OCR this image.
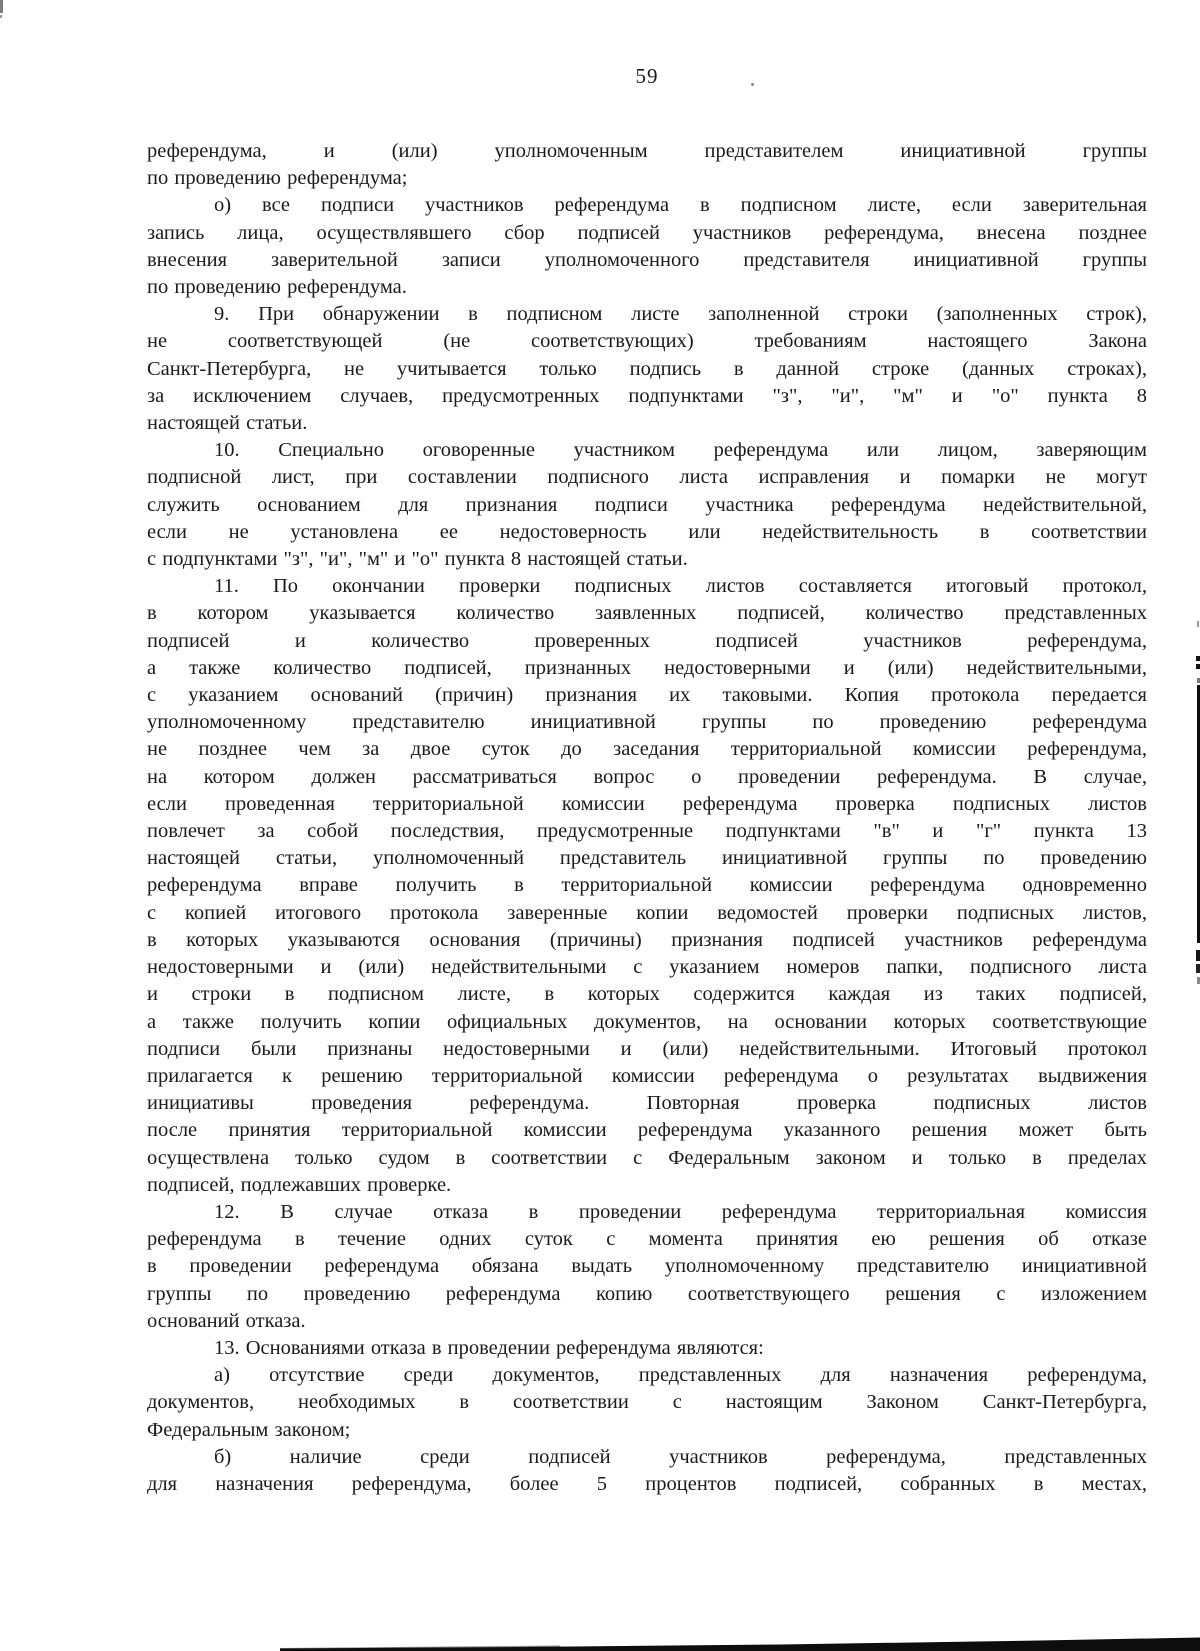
59
референдума, и (или) уполномоченным представителем инициативной группы
по проведению референдума;
о) все подписи участников референдума в подписном листе, если заверительная
запись лица, осуществлявшего сбор подписей участников референдума, внесена позднее
внесения заверительной записи уполномоченного представителя инициативной группы
по проведению референдума.
9. При обнаружении в подписном листе заполненной строки (заполненных строк),
не соответствующей (не соответствующих) требованиям настоящего Закона
Санкт-Петербурга, не учитывается только подпись в данной строке (данных строках),
за исключением случаев, предусмотренных подпунктами "з", "и", "м" и "о" пункта 8
настоящей статьи.
10. Специально оговоренные участником референдума или лицом, заверяющим
подписной лист, при составлении подписного листа исправления и помарки не могут
служить основанием для признания подписи участника референдума недействительной,
если не установлена ее недостоверность или недействительность в соответствии
с подпунктами "з", "и", "м" и "о" пункта 8 настоящей статьи.
11. По окончании проверки подписных листов составляется итоговый протокол,
в котором указывается количество заявленных подписей, количество представленных
подписей и количество проверенных подписей участников референдума,
а также количество подписей, признанных недостоверными и (или) недействительными,
с указанием оснований (причин) признания их таковыми. Копия протокола передается
уполномоченному представителю инициативной группы по проведению референдума
не позднее чем за двое суток до заседания территориальной комиссии референдума,
на котором должен рассматриваться вопрос о проведении референдума. В случае,
если проведенная территориальной комиссии референдума проверка подписных листов
повлечет за собой последствия, предусмотренные подпунктами "в" и "г" пункта 13
настоящей статьи, уполномоченный представитель инициативной группы по проведению
референдума вправе получить в территориальной комиссии референдума одновременно
с копией итогового протокола заверенные копии ведомостей проверки подписных листов,
в которых указываются основания (причины) признания подписей участников референдума
недостоверными и (или) недействительными с указанием номеров папки, подписного листа
и строки в подписном листе, в которых содержится каждая из таких подписей,
а также получить копии официальных документов, на основании которых соответствующие
подписи были признаны недостоверными и (или) недействительными. Итоговый протокол
прилагается к решению территориальной комиссии референдума о результатах выдвижения
инициативы проведения референдума. Повторная проверка подписных листов
после принятия территориальной комиссии референдума указанного решения может быть
осуществлена только судом в соответствии с Федеральным законом и только в пределах
подписей, подлежавших проверке.
12. В случае отказа в проведении референдума территориальная комиссия
референдума в течение одних суток с момента принятия ею решения об отказе
в проведении референдума обязана выдать уполномоченному представителю инициативной
группы по проведению референдума копию соответствующего решения с изложением
оснований отказа.
13. Основаниями отказа в проведении референдума являются:
а) отсутствие среди документов, представленных для назначения референдума,
документов, необходимых в соответствии с настоящим Законом Санкт-Петербурга,
Федеральным законом;
б) наличие среди подписей участников референдума, представленных
для назначения референдума, более 5 процентов подписей, собранных в местах,
